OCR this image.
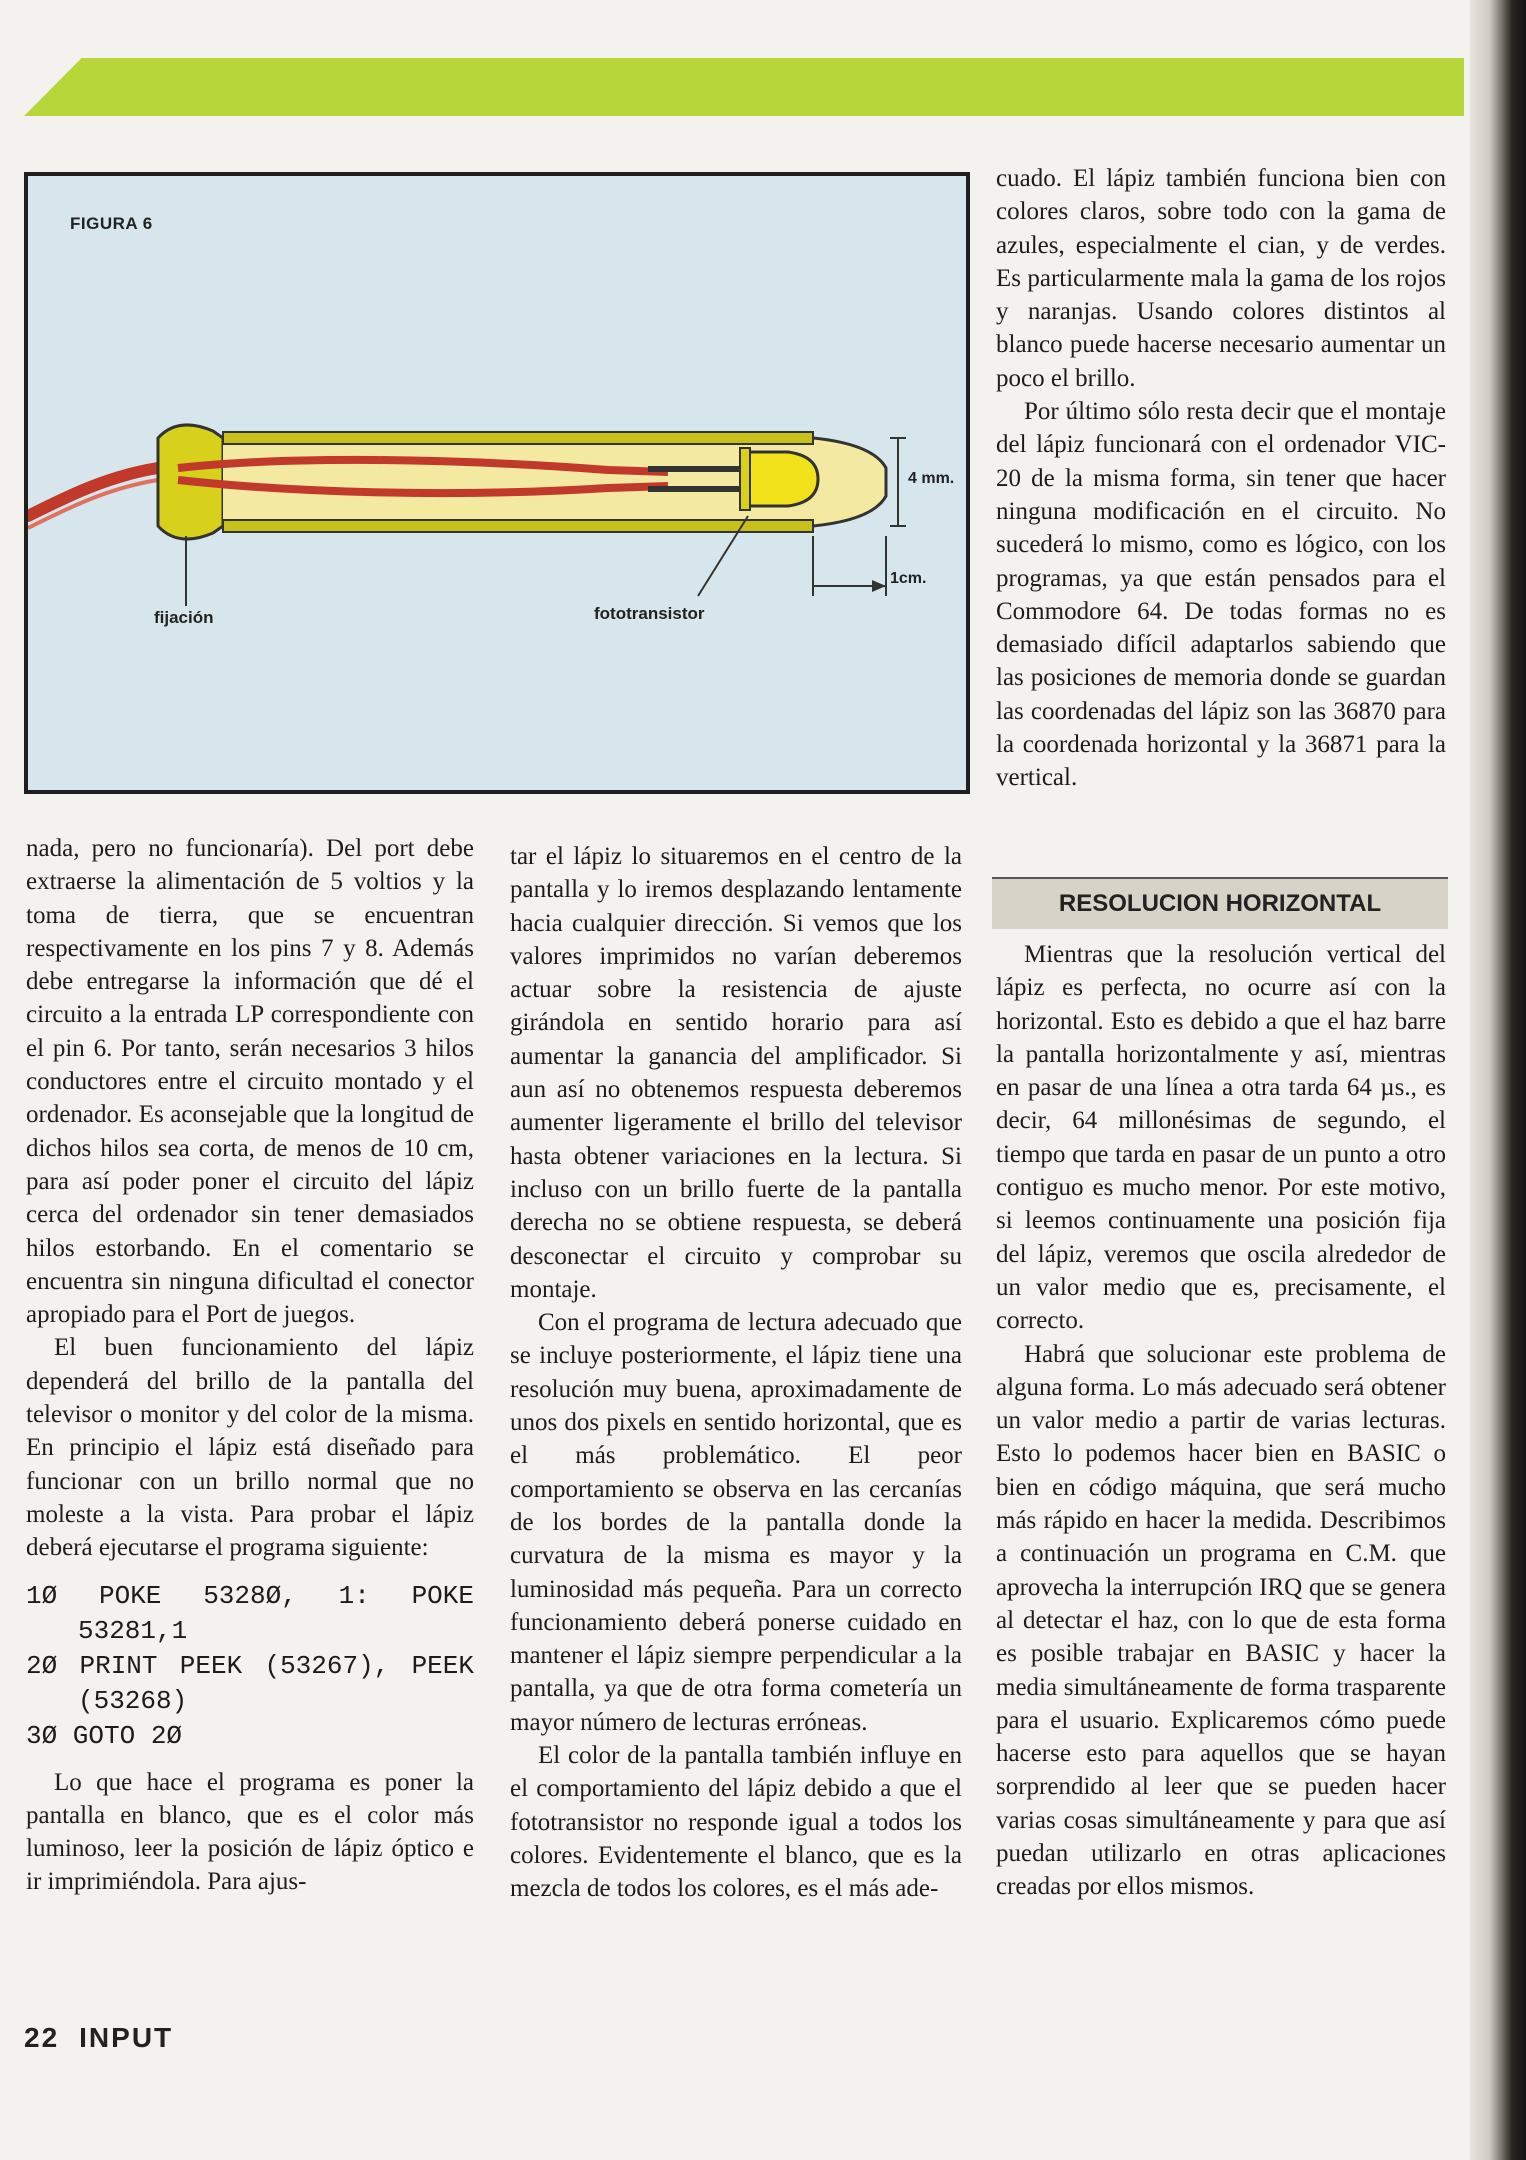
FIGURA 6
fijación	fototransistor
4 mm.
1cm.

nada, pero no funcionaría). Del port debe extraerse la alimentación de 5 voltios y la toma de tierra, que se encuentran respectivamente en los pins 7 y 8. Además debe entregarse la información que dé el circuito a la entrada LP correspondiente con el pin 6. Por tanto, serán necesarios 3 hilos conductores entre el circuito montado y el ordenador. Es aconsejable que la longitud de dichos hilos sea corta, de menos de 10 cm, para así poder poner el circuito del lápiz cerca del ordenador sin tener demasiados hilos estorbando. En el comentario se encuentra sin ninguna dificultad el conector apropiado para el Port de juegos.

El buen funcionamiento del lápiz dependerá del brillo de la pantalla del televisor o monitor y del color de la misma. En principio el lápiz está diseñado para funcionar con un brillo normal que no moleste a la vista. Para probar el lápiz deberá ejecutarse el programa siguiente:

1Ø POKE 5328Ø, 1: POKE 53281,1
2Ø PRINT PEEK (53267), PEEK (53268)
3Ø GOTO 2Ø

Lo que hace el programa es poner la pantalla en blanco, que es el color más luminoso, leer la posición de lápiz óptico e ir imprimiéndola. Para ajus-

tar el lápiz lo situaremos en el centro de la pantalla y lo iremos desplazando lentamente hacia cualquier dirección. Si vemos que los valores imprimidos no varían deberemos actuar sobre la resistencia de ajuste girándola en sentido horario para así aumentar la ganancia del amplificador. Si aun así no obtenemos respuesta deberemos aumenter ligeramente el brillo del televisor hasta obtener variaciones en la lectura. Si incluso con un brillo fuerte de la pantalla derecha no se obtiene respuesta, se deberá desconectar el circuito y comprobar su montaje.

Con el programa de lectura adecuado que se incluye posteriormente, el lápiz tiene una resolución muy buena, aproximadamente de unos dos pixels en sentido horizontal, que es el más problemático. El peor comportamiento se observa en las cercanías de los bordes de la pantalla donde la curvatura de la misma es mayor y la luminosidad más pequeña. Para un correcto funcionamiento deberá ponerse cuidado en mantener el lápiz siempre perpendicular a la pantalla, ya que de otra forma cometería un mayor número de lecturas erróneas.

El color de la pantalla también influye en el comportamiento del lápiz debido a que el fototransistor no responde igual a todos los colores. Evidentemente el blanco, que es la mezcla de todos los colores, es el más ade-

cuado. El lápiz también funciona bien con colores claros, sobre todo con la gama de azules, especialmente el cian, y de verdes. Es particularmente mala la gama de los rojos y naranjas. Usando colores distintos al blanco puede hacerse necesario aumentar un poco el brillo.

Por último sólo resta decir que el montaje del lápiz funcionará con el ordenador VIC-20 de la misma forma, sin tener que hacer ninguna modificación en el circuito. No sucederá lo mismo, como es lógico, con los programas, ya que están pensados para el Commodore 64. De todas formas no es demasiado difícil adaptarlos sabiendo que las posiciones de memoria donde se guardan las coordenadas del lápiz son las 36870 para la coordenada horizontal y la 36871 para la vertical.

RESOLUCION HORIZONTAL

Mientras que la resolución vertical del lápiz es perfecta, no ocurre así con la horizontal. Esto es debido a que el haz barre la pantalla horizontalmente y así, mientras en pasar de una línea a otra tarda 64 µs., es decir, 64 millonésimas de segundo, el tiempo que tarda en pasar de un punto a otro contiguo es mucho menor. Por este motivo, si leemos continuamente una posición fija del lápiz, veremos que oscila alrededor de un valor medio que es, precisamente, el correcto.

Habrá que solucionar este problema de alguna forma. Lo más adecuado será obtener un valor medio a partir de varias lecturas. Esto lo podemos hacer bien en BASIC o bien en código máquina, que será mucho más rápido en hacer la medida. Describimos a continuación un programa en C.M. que aprovecha la interrupción IRQ que se genera al detectar el haz, con lo que de esta forma es posible trabajar en BASIC y hacer la media simultáneamente de forma trasparente para el usuario. Explicaremos cómo puede hacerse esto para aquellos que se hayan sorprendido al leer que se pueden hacer varias cosas simultáneamente y para que así puedan utilizarlo en otras aplicaciones creadas por ellos mismos.

22 INPUT
